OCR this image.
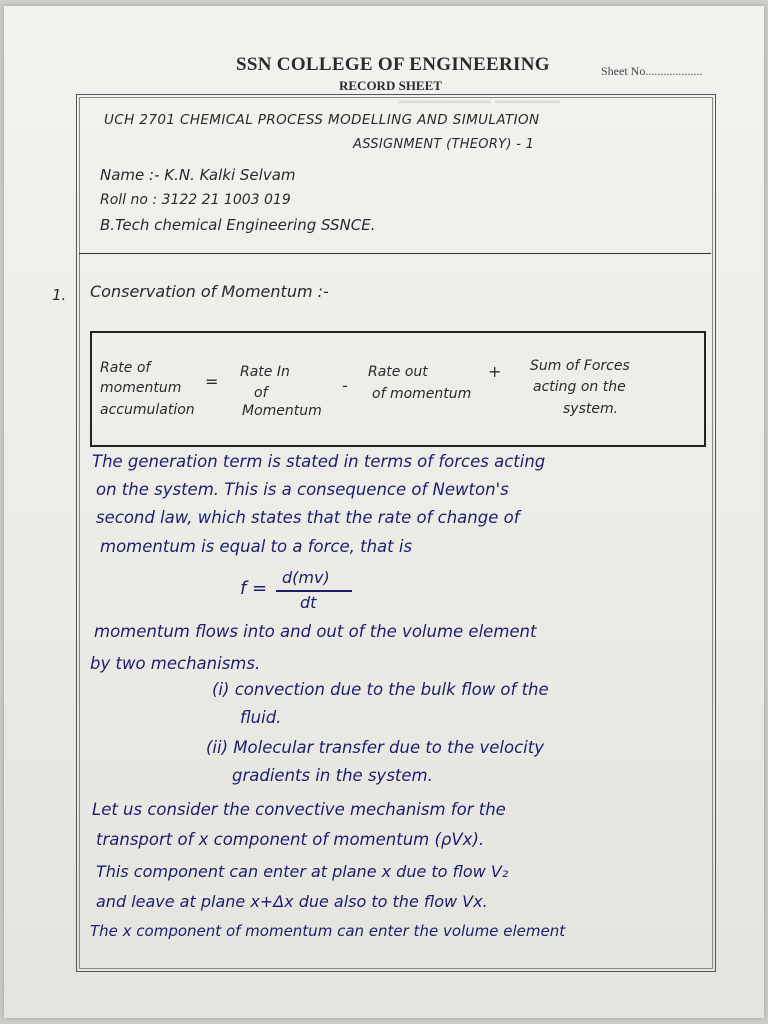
▁▁▁▁▁▁▁ ▁▁▁▁▁
SSN COLLEGE OF ENGINEERING
RECORD SHEET
Sheet No...................
UCH 2701 CHEMICAL PROCESS MODELLING AND SIMULATION
ASSIGNMENT (THEORY) - 1
Name :- K.N. Kalki Selvam
Roll no : 3122 21 1003 019
B.Tech chemical Engineering SSNCE.
1. Conservation of Momentum :-
Rate of
momentum
accumulation
= Rate In
of
Momentum
-
Rate out
of momentum
+ Sum of Forces
acting on the
system.
The generation term is stated in terms of forces acting
on the system. This is a consequence of Newton's
second law, which states that the rate of change of
momentum is equal to a force, that is
f =
d(mv)
dt
momentum flows into and out of the volume element
by two mechanisms.
(i) convection due to the bulk flow of the
fluid.
(ii) Molecular transfer due to the velocity
gradients in the system.
Let us consider the convective mechanism for the
transport of x component of momentum (ρVx).
This component can enter at plane x due to flow V₂
and leave at plane x+Δx due also to the flow Vx.
The x component of momentum can enter the volume element
